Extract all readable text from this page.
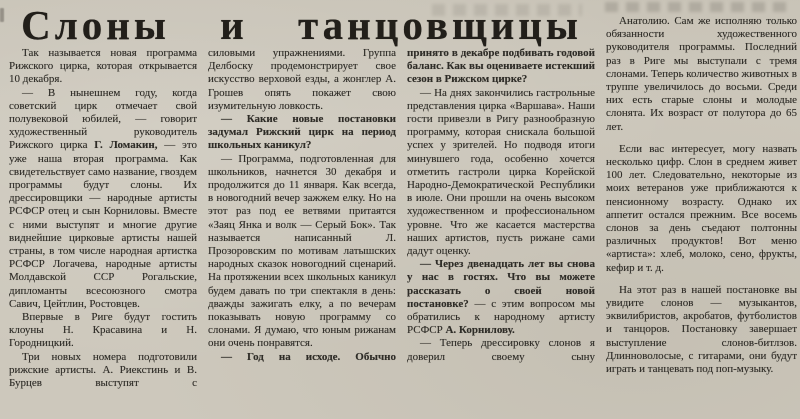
Слоны и танцовщицы

Так называется новая программа Рижского цирка, которая открывается 10 декабря.

— В нынешнем году, когда советский цирк отмечает свой полувековой юбилей, — говорит художественный руководитель Рижского цирка Г. Ломакин, — это уже наша вторая программа. Как свидетельствует само название, гвоздем программы будут слоны. Их дрессировщики — народные артисты РСФСР отец и сын Корниловы. Вместе с ними выступят и многие другие виднейшие цирковые артисты нашей страны, в том числе народная артистка РСФСР Логачева, народные артисты Молдавской ССР Рогальские, дипломанты всесоюзного смотра Савич, Цейтлин, Ростовцев.

Впервые в Риге будут гостить клоуны Н. Красавина и Н. Городницкий.

Три новых номера подготовили рижские артисты. А. Риекстинь и В. Бурцев выступят с

силовыми упражнениями. Группа Делбоску продемонстрирует свое искусство верховой езды, а жонглер А. Грошев опять покажет свою изумительную ловкость.

— Какие новые постановки задумал Рижский цирк на период школьных каникул?

— Программа, подготовленная для школьников, начнется 30 декабря и продолжится до 11 января. Как всегда, в новогодний вечер зажжем елку. Но на этот раз под ее ветвями притаятся «Заяц Янка и волк — Серый Бок». Так называется написанный Л. Прозоровским по мотивам латышских народных сказок новогодний сценарий. На протяжении всех школьных каникул будем давать по три спектакля в день: дважды зажигать елку, а по вечерам показывать новую программу со слонами. Я думаю, что юным рижанам они очень понравятся.

— Год на исходе. Обычно

принято в декабре подбивать годовой баланс. Как вы оцениваете истекший сезон в Рижском цирке?

— На днях закончились гастрольные представления цирка «Варшава». Наши гости привезли в Ригу разнообразную программу, которая снискала большой успех у зрителей. Но подводя итоги минувшего года, особенно хочется отметить гастроли цирка Корейской Народно-Демократической Республики в июле. Они прошли на очень высоком художественном и профессиональном уровне. Что же касается мастерства наших артистов, пусть рижане сами дадут оценку.

— Через двенадцать лет вы снова у нас в гостях. Что вы можете рассказать о своей новой постановке? — с этим вопросом мы обратились к народному артисту РСФСР А. Корнилову.

— Теперь дрессировку слонов я доверил своему сыну

Анатолию. Сам же исполняю только обязанности художественного руководителя программы. Последний раз в Риге мы выступали с тремя слонами. Теперь количество животных в труппе увеличилось до восьми. Среди них есть старые слоны и молодые слонята. Их возраст от полутора до 65 лет.

Если вас интересует, могу назвать несколько цифр. Слон в среднем живет 100 лет. Следовательно, некоторые из моих ветеранов уже приближаются к пенсионному возрасту. Однако их аппетит остался прежним. Все восемь слонов за день съедают полтонны различных продуктов! Вот меню «артиста»: хлеб, молоко, сено, фрукты, кефир и т. д.

На этот раз в нашей постановке вы увидите слонов — музыкантов, эквилибристов, акробатов, футболистов и танцоров. Постановку завершает выступление слонов-битлзов. Длинноволосые, с гитарами, они будут играть и танцевать под поп-музыку.
